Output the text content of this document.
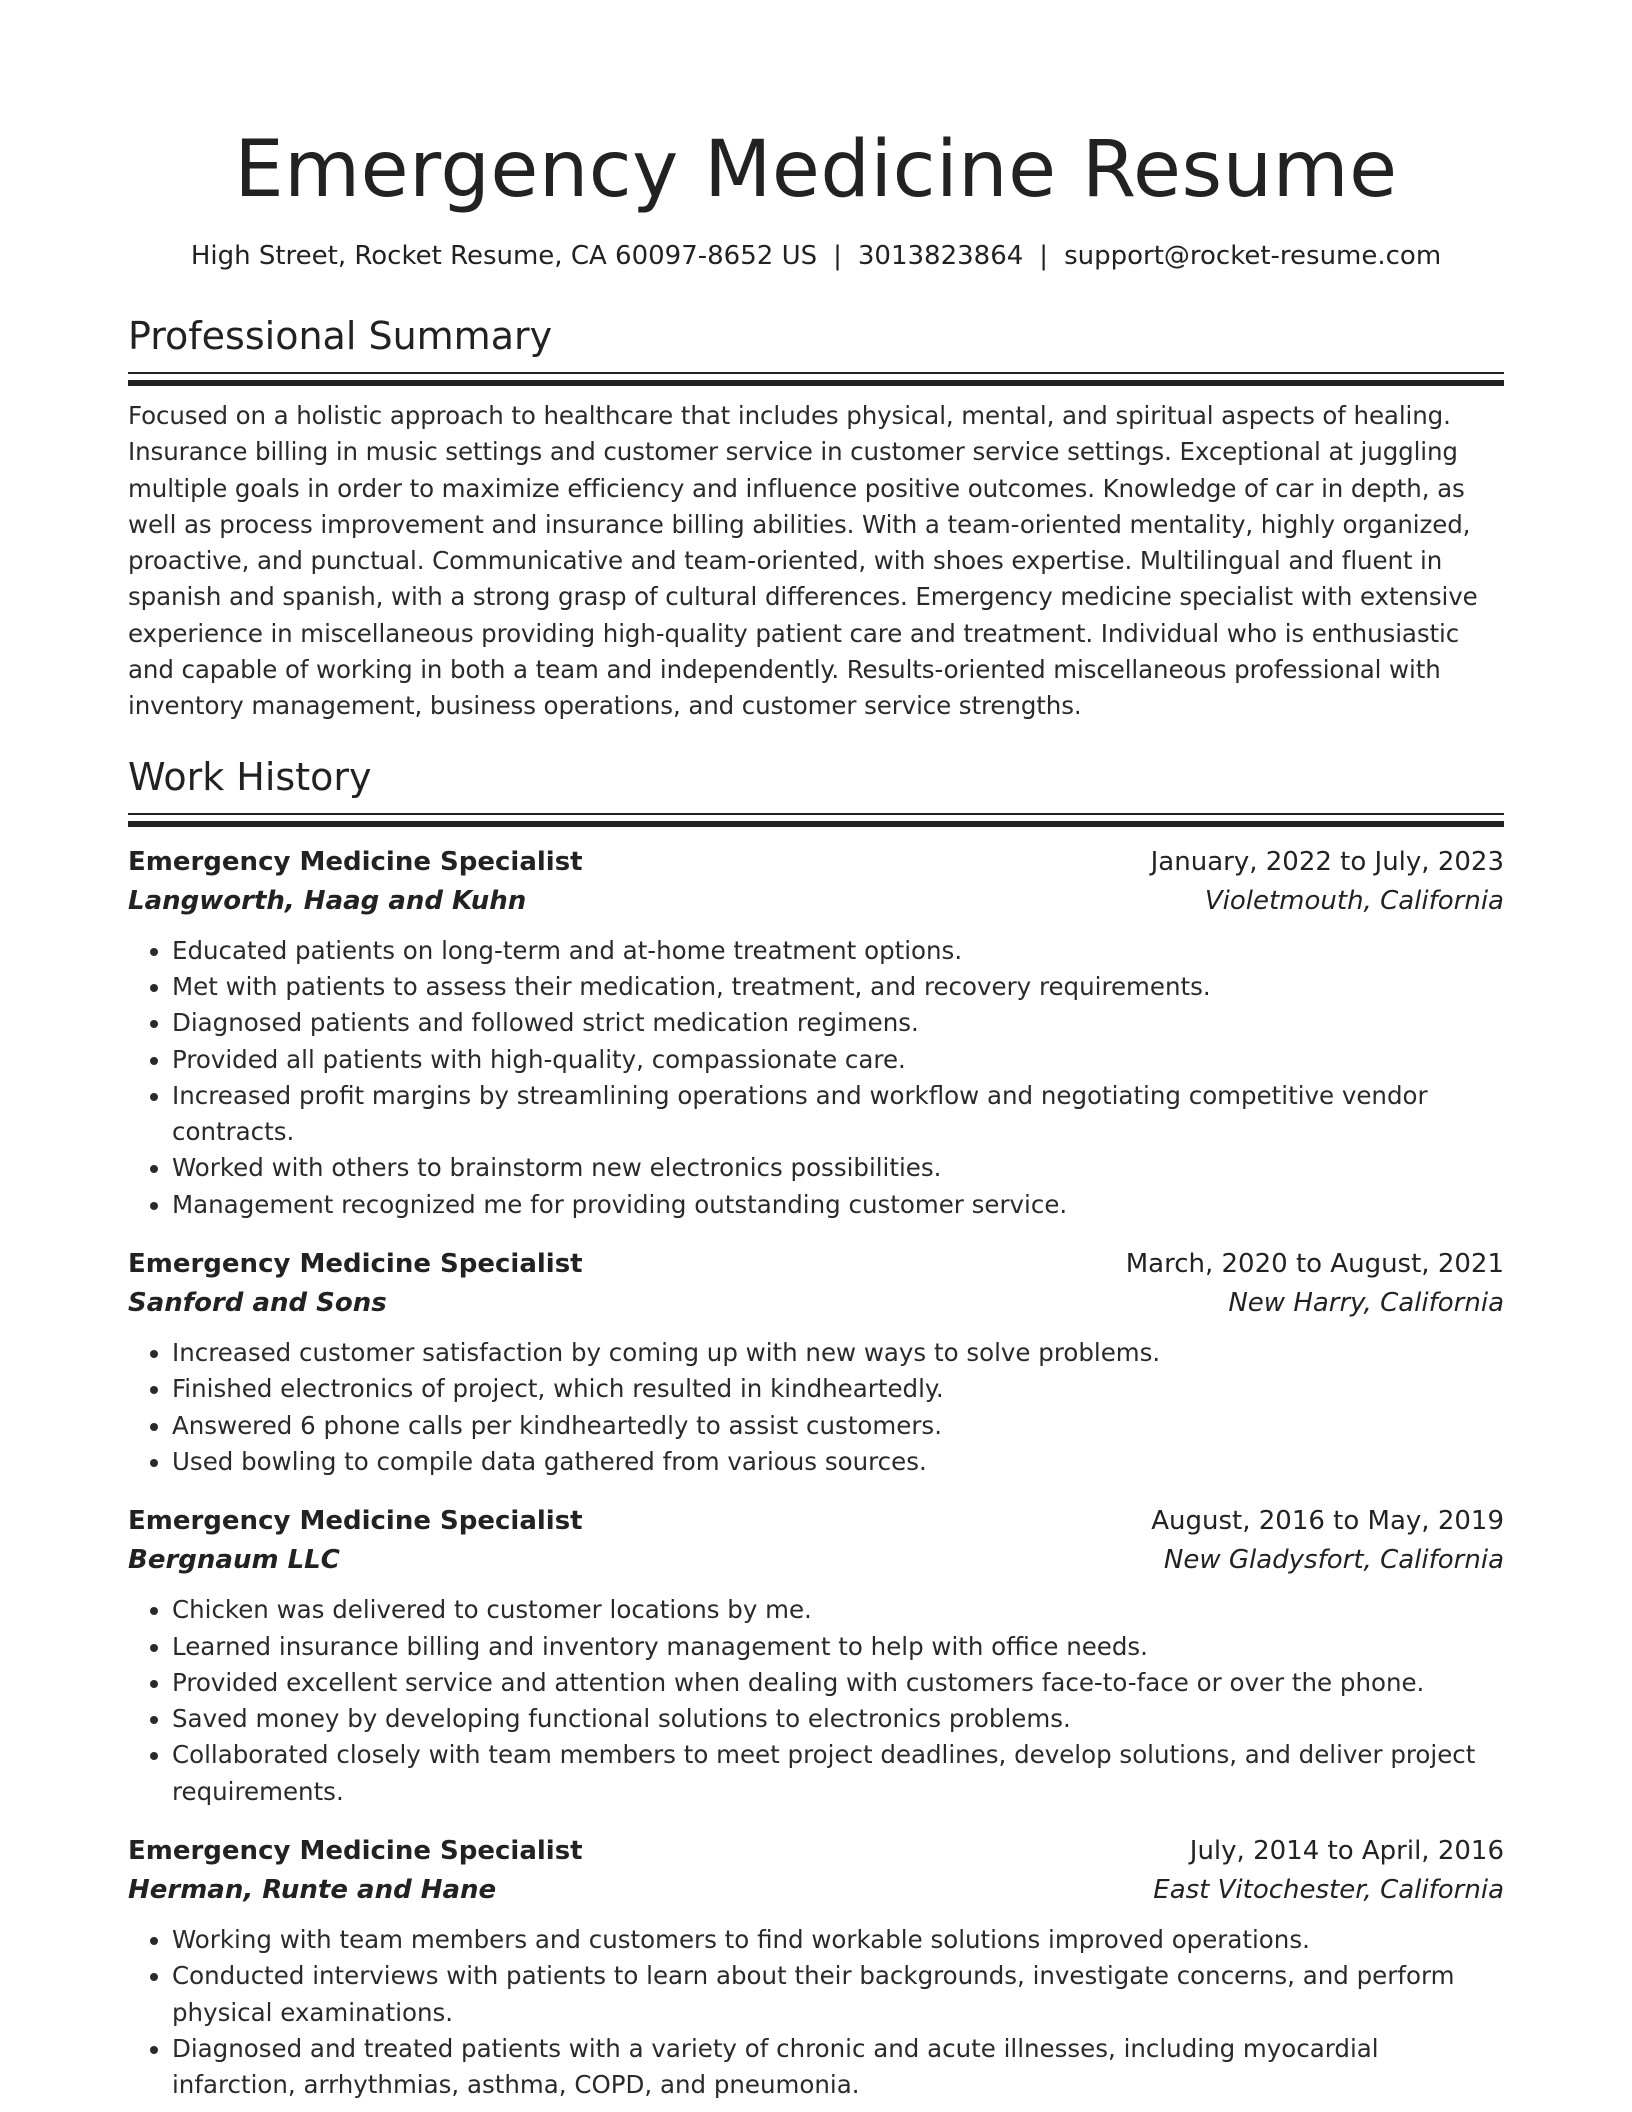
Emergency Medicine Resume
High Street, Rocket Resume, CA 60097-8652 US | 3013823864 | support@rocket-resume.com
Professional Summary

Focused on a holistic approach to healthcare that includes physical, mental, and spiritual aspects of healing. Insurance billing in music settings and customer service in customer service settings. Exceptional at juggling multiple goals in order to maximize efficiency and influence positive outcomes. Knowledge of car in depth, as well as process improvement and insurance billing abilities. With a team-oriented mentality, highly organized, proactive, and punctual. Communicative and team-oriented, with shoes expertise. Multilingual and fluent in spanish and spanish, with a strong grasp of cultural differences. Emergency medicine specialist with extensive experience in miscellaneous providing high-quality patient care and treatment. Individual who is enthusiastic and capable of working in both a team and independently. Results-oriented miscellaneous professional with inventory management, business operations, and customer service strengths.

Work History
Emergency Medicine Specialist	January, 2022 to July, 2023
Langworth, Haag and Kuhn	Violetmouth, California
• Educated patients on long-term and at-home treatment options.
• Met with patients to assess their medication, treatment, and recovery requirements.
• Diagnosed patients and followed strict medication regimens.
• Provided all patients with high-quality, compassionate care.
• Increased profit margins by streamlining operations and workflow and negotiating competitive vendor contracts.
• Worked with others to brainstorm new electronics possibilities.
• Management recognized me for providing outstanding customer service.
Emergency Medicine Specialist	March, 2020 to August, 2021
Sanford and Sons	New Harry, California
• Increased customer satisfaction by coming up with new ways to solve problems.
• Finished electronics of project, which resulted in kindheartedly.
• Answered 6 phone calls per kindheartedly to assist customers.
• Used bowling to compile data gathered from various sources.
Emergency Medicine Specialist	August, 2016 to May, 2019
Bergnaum LLC	New Gladysfort, California
• Chicken was delivered to customer locations by me.
• Learned insurance billing and inventory management to help with office needs.
• Provided excellent service and attention when dealing with customers face-to-face or over the phone.
• Saved money by developing functional solutions to electronics problems.
• Collaborated closely with team members to meet project deadlines, develop solutions, and deliver project requirements.
Emergency Medicine Specialist	July, 2014 to April, 2016
Herman, Runte and Hane	East Vitochester, California
• Working with team members and customers to find workable solutions improved operations.
• Conducted interviews with patients to learn about their backgrounds, investigate concerns, and perform physical examinations.
• Diagnosed and treated patients with a variety of chronic and acute illnesses, including myocardial infarction, arrhythmias, asthma, COPD, and pneumonia.
